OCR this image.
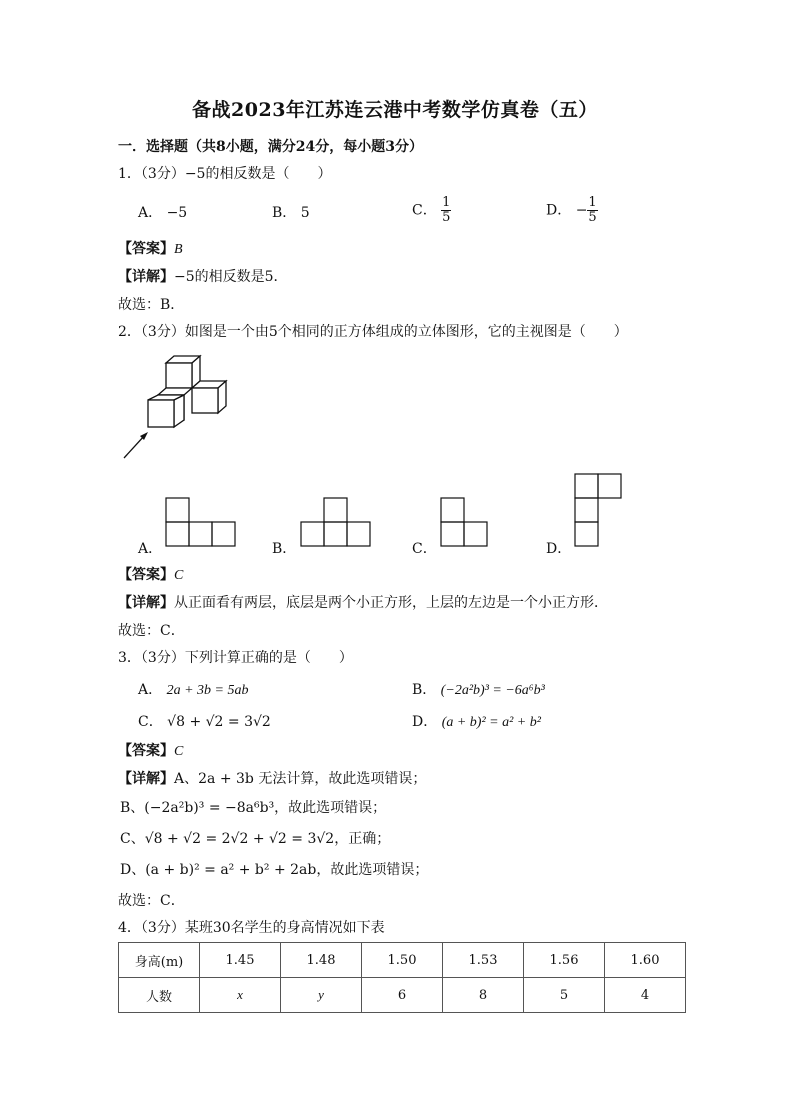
备战2023年江苏连云港中考数学仿真卷（五）
一．选择题（共8小题，满分24分，每小题3分）
1．（3分）−5的相反数是（　　）
A． −5	B． 5	C． $\frac{1}{5}$	D． − $\frac{1}{5}$
【答案】B
【详解】−5的相反数是5．
故选：B．
2．（3分）如图是一个由5个相同的正方体组成的立体图形，它的主视图是（　　）
A．	B．	C．	D．
【答案】C
【详解】从正面看有两层，底层是两个小正方形，上层的左边是一个小正方形．
故选：C．
3．（3分）下列计算正确的是（　　）
A． 2a + 3b = 5ab	B． (−2a²b)³ = −6a⁶b³
C． √8 + √2 = 3√2	D． (a + b)² = a² + b²
【答案】C
【详解】A、2a + 3b 无法计算，故此选项错误；
B、(−2a²b)³ = −8a⁶b³，故此选项错误；
C、√8 + √2 = 2√2 + √2 = 3√2，正确；
D、(a + b)² = a² + b² + 2ab，故此选项错误；
故选：C．
4．（3分）某班30名学生的身高情况如下表
身高(m)	1.45	1.48	1.50	1.53	1.56	1.60
人数	x	y	6	8	5	4
